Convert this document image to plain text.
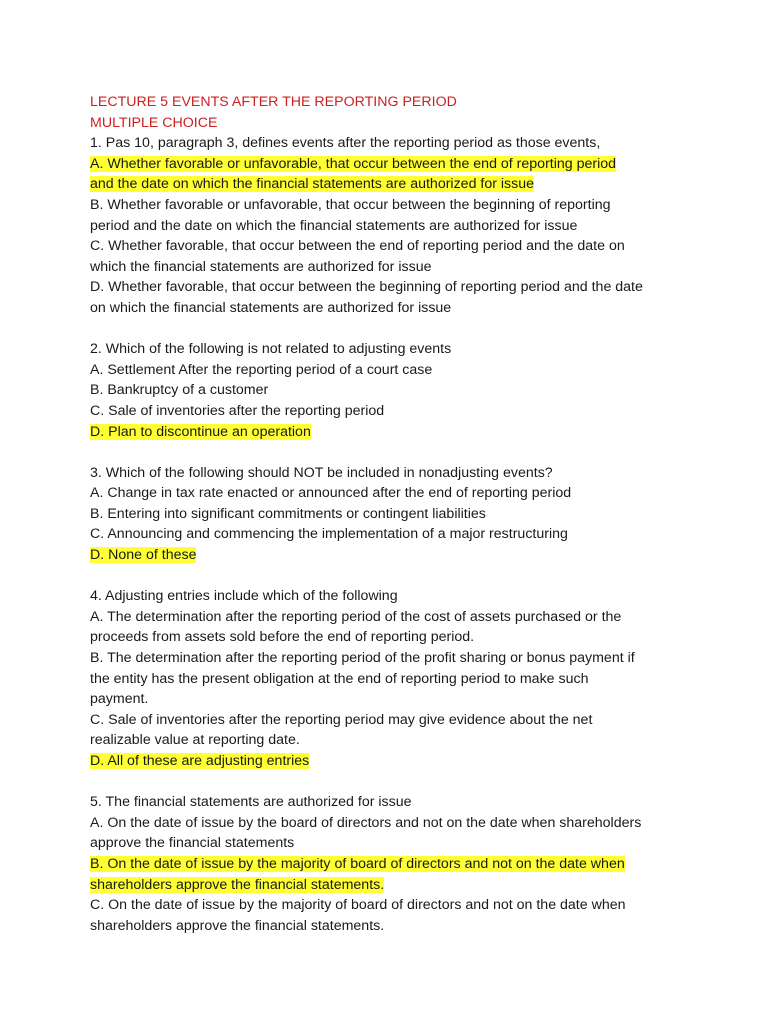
LECTURE 5 EVENTS AFTER THE REPORTING PERIOD
MULTIPLE CHOICE
1. Pas 10, paragraph 3, defines events after the reporting period as those events,
A. Whether favorable or unfavorable, that occur between the end of reporting period
and the date on which the financial statements are authorized for issue
B. Whether favorable or unfavorable, that occur between the beginning of reporting
period and the date on which the financial statements are authorized for issue
C. Whether favorable, that occur between the end of reporting period and the date on
which the financial statements are authorized for issue
D. Whether favorable, that occur between the beginning of reporting period and the date
on which the financial statements are authorized for issue
2. Which of the following is not related to adjusting events
A. Settlement After the reporting period of a court case
B. Bankruptcy of a customer
C. Sale of inventories after the reporting period
D. Plan to discontinue an operation
3. Which of the following should NOT be included in nonadjusting events?
A. Change in tax rate enacted or announced after the end of reporting period
B. Entering into significant commitments or contingent liabilities
C. Announcing and commencing the implementation of a major restructuring
D. None of these
4. Adjusting entries include which of the following
A. The determination after the reporting period of the cost of assets purchased or the
proceeds from assets sold before the end of reporting period.
B. The determination after the reporting period of the profit sharing or bonus payment if
the entity has the present obligation at the end of reporting period to make such
payment.
C. Sale of inventories after the reporting period may give evidence about the net
realizable value at reporting date.
D. All of these are adjusting entries
5. The financial statements are authorized for issue
A. On the date of issue by the board of directors and not on the date when shareholders
approve the financial statements
B. On the date of issue by the majority of board of directors and not on the date when
shareholders approve the financial statements.
C. On the date of issue by the majority of board of directors and not on the date when
shareholders approve the financial statements.
